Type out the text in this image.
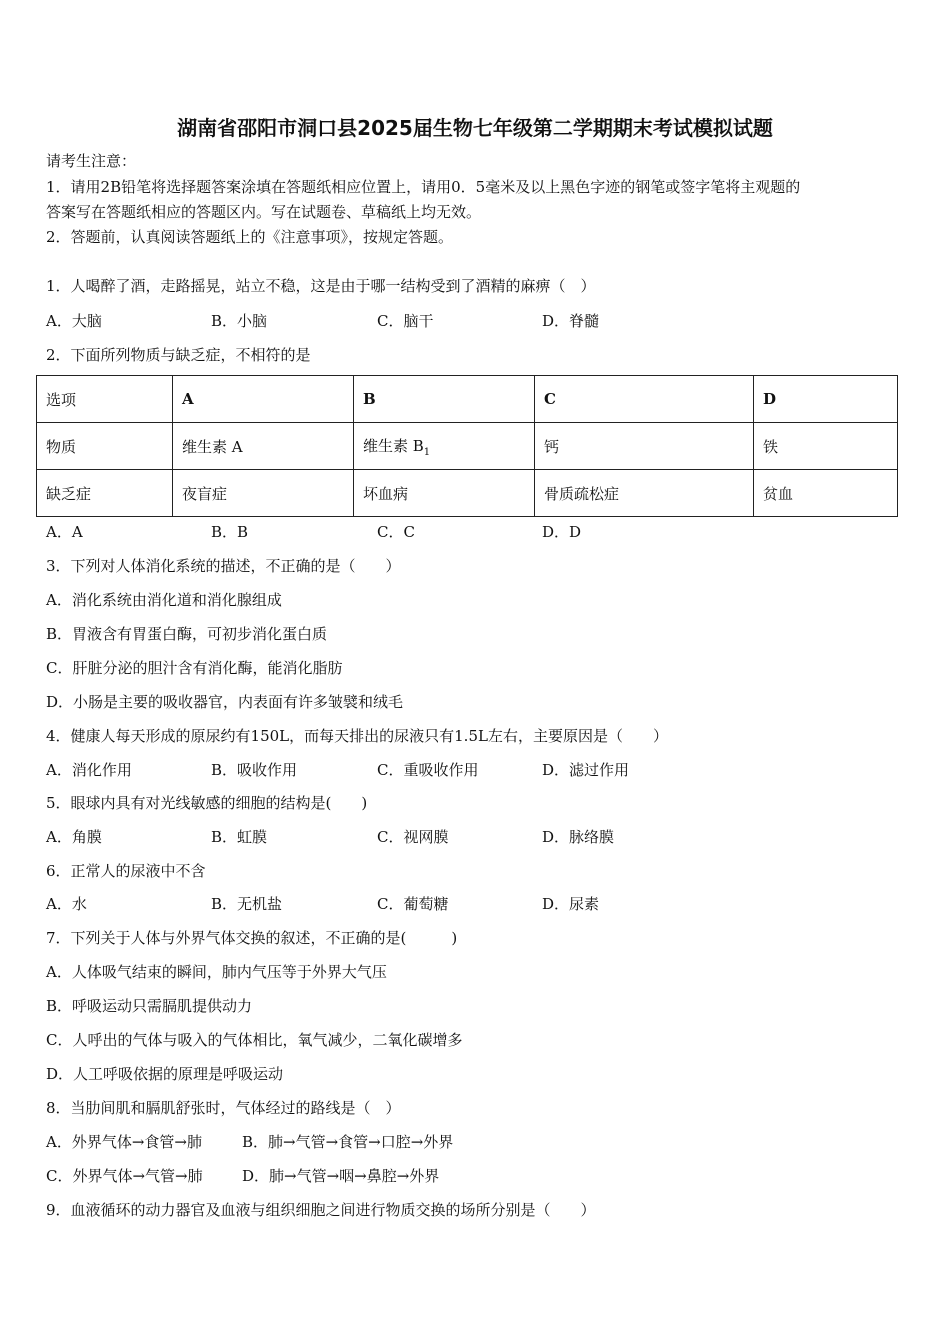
湖南省邵阳市洞口县2025届生物七年级第二学期期末考试模拟试题
请考生注意：
1．请用2B铅笔将选择题答案涂填在答题纸相应位置上，请用0．5毫米及以上黑色字迹的钢笔或签字笔将主观题的
答案写在答题纸相应的答题区内。写在试题卷、草稿纸上均无效。
2．答题前，认真阅读答题纸上的《注意事项》，按规定答题。
1．人喝醉了酒，走路摇晃，站立不稳，这是由于哪一结构受到了酒精的麻痹（　）
A．大脑	B．小脑	C．脑干	D．脊髓
2．下面所列物质与缺乏症，不相符的是
选项	A	B	C	D
物质	维生素 A	维生素 $B_1$	钙	铁
缺乏症	夜盲症	坏血病	骨质疏松症	贫血
A．A	B．B	C．C	D．D
3．下列对人体消化系统的描述，不正确的是（　　）
A．消化系统由消化道和消化腺组成
B．胃液含有胃蛋白酶，可初步消化蛋白质
C．肝脏分泌的胆汁含有消化酶，能消化脂肪
D．小肠是主要的吸收器官，内表面有许多皱襞和绒毛
4．健康人每天形成的原尿约有150L，而每天排出的尿液只有1.5L左右，主要原因是（　　）
A．消化作用	B．吸收作用	C．重吸收作用	D．滤过作用
5．眼球内具有对光线敏感的细胞的结构是(　　)
A．角膜	B．虹膜	C．视网膜	D．脉络膜
6．正常人的尿液中不含
A．水	B．无机盐	C．葡萄糖	D．尿素
7．下列关于人体与外界气体交换的叙述，不正确的是(　　　)
A．人体吸气结束的瞬间，肺内气压等于外界大气压
B．呼吸运动只需膈肌提供动力
C．人呼出的气体与吸入的气体相比，氧气减少，二氧化碳增多
D．人工呼吸依据的原理是呼吸运动
8．当肋间肌和膈肌舒张时，气体经过的路线是（　）
A．外界气体→食管→肺	B．肺→气管→食管→口腔→外界
C．外界气体→气管→肺	D．肺→气管→咽→鼻腔→外界
9．血液循环的动力器官及血液与组织细胞之间进行物质交换的场所分别是（　　）
